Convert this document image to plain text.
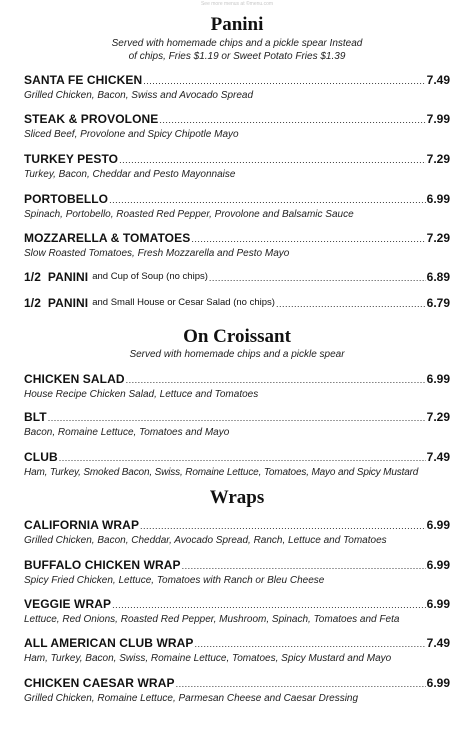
See more menus at ©menu.com
Panini
Served with homemade chips and a pickle spear Instead
of chips, Fries $1.19 or Sweet Potato Fries $1.39
SANTA FE CHICKEN .....	7.49
Grilled Chicken, Bacon, Swiss and Avocado Spread
STEAK & PROVOLONE .....	7.99
Sliced Beef, Provolone and Spicy Chipotle Mayo
TURKEY PESTO .....	7.29
Turkey, Bacon, Cheddar and Pesto Mayonnaise
PORTOBELLO .....	6.99
Spinach, Portobello, Roasted Red Pepper, Provolone and Balsamic Sauce
MOZZARELLA & TOMATOES .....	7.29
Slow Roasted Tomatoes, Fresh Mozzarella and Pesto Mayo
1/2  PANINI and Cup of Soup (no chips) .....	6.89
1/2  PANINI and Small House or Cesar Salad (no chips) .....	6.79
On Croissant
Served with homemade chips and a pickle spear
CHICKEN SALAD .....	6.99
House Recipe Chicken Salad, Lettuce and Tomatoes
BLT .....	7.29
Bacon, Romaine Lettuce, Tomatoes and Mayo
CLUB .....	7.49
Ham, Turkey, Smoked Bacon, Swiss, Romaine Lettuce, Tomatoes, Mayo and Spicy Mustard
Wraps
CALIFORNIA WRAP .....	6.99
Grilled Chicken, Bacon, Cheddar, Avocado Spread, Ranch, Lettuce and Tomatoes
BUFFALO CHICKEN WRAP .....	6.99
Spicy Fried Chicken, Lettuce, Tomatoes with Ranch or Bleu Cheese
VEGGIE WRAP .....	6.99
Lettuce, Red Onions, Roasted Red Pepper, Mushroom, Spinach, Tomatoes and Feta
ALL AMERICAN CLUB WRAP .....	7.49
Ham, Turkey, Bacon, Swiss, Romaine Lettuce, Tomatoes, Spicy Mustard and Mayo
CHICKEN CAESAR WRAP .....	6.99
Grilled Chicken, Romaine Lettuce, Parmesan Cheese and Caesar Dressing
